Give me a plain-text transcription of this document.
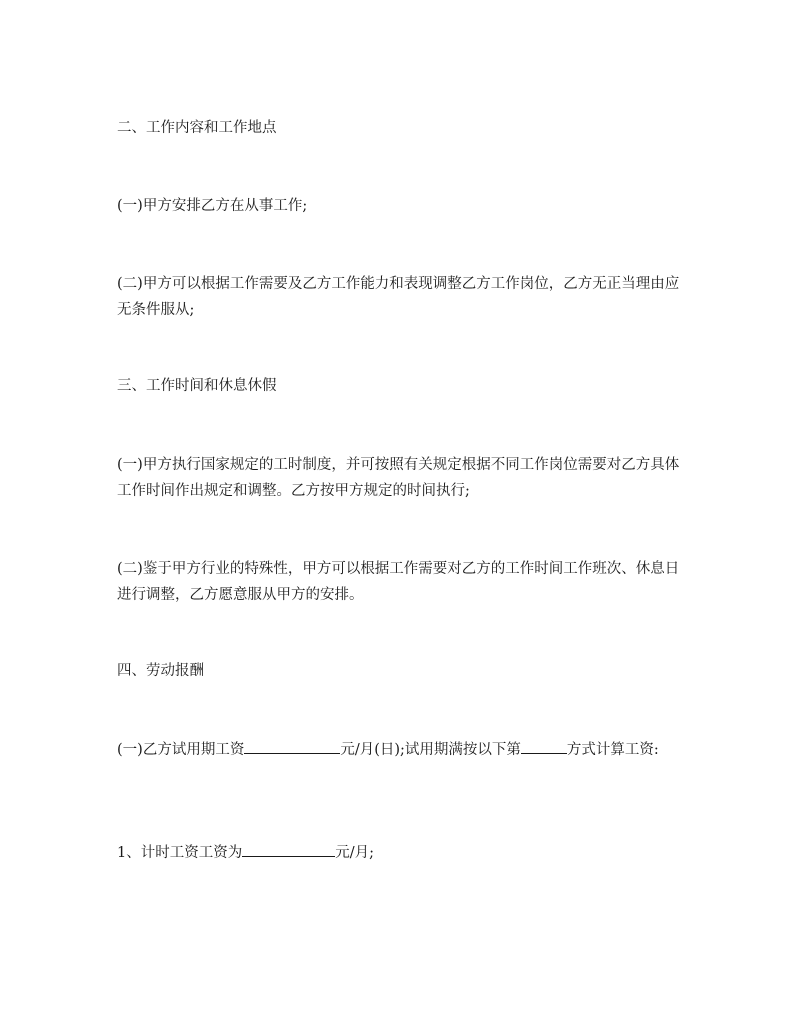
二、工作内容和工作地点

(一)甲方安排乙方在从事工作;

(二)甲方可以根据工作需要及乙方工作能力和表现调整乙方工作岗位，乙方无正当理由应无条件服从;

三、工作时间和休息休假

(一)甲方执行国家规定的工时制度，并可按照有关规定根据不同工作岗位需要对乙方具体工作时间作出规定和调整。乙方按甲方规定的时间执行;

(二)鉴于甲方行业的特殊性，甲方可以根据工作需要对乙方的工作时间工作班次、休息日进行调整，乙方愿意服从甲方的安排。

四、劳动报酬

(一)乙方试用期工资	元/月(日);试用期满按以下第	方式计算工资:

1、计时工资工资为	元/月;
